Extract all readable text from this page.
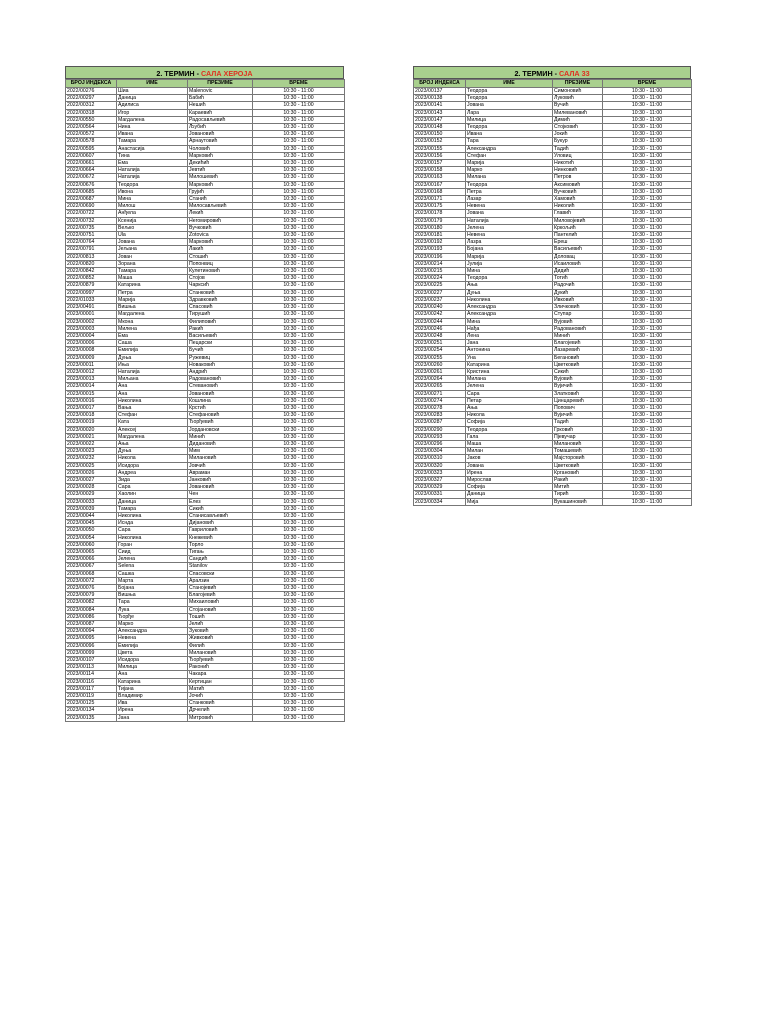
2. ТЕРМИН - САЛА ХЕРОЈА
БРОЈ ИНДЕКСА	ИМЕ	ПРЕЗИМЕ	ВРЕМЕ
2022/00276	Шиа	Malenovic	10:30 - 11:00
2022/00297	Даница	Бабић	10:30 - 11:00
2022/00312	Адилиса	Нешић	10:30 - 11:00
2022/00318	Игор	Караевић	10:30 - 11:00
2022/00550	Магдалена	Радосављевић	10:30 - 11:00
2022/00564	Нина	Љубић	10:30 - 11:00
2022/00572	Ивана	Јовановић	10:30 - 11:00
2022/00578	Тамара	Арнаутовић	10:30 - 11:00
2022/00595	Анастасија	Чоловић	10:30 - 11:00
2022/00607	Тина	Марковић	10:30 - 11:00
2022/00661	Ема	Декићић	10:30 - 11:00
2022/00664	Наталија	Јевтић	10:30 - 11:00
2022/00672	Наталија	Милошевић	10:30 - 11:00
2022/00676	Теодора	Марковић	10:30 - 11:00
2022/00685	Ивона	Грујић	10:30 - 11:00
2022/00687	Мина	Станић	10:30 - 11:00
2022/00690	Милош	Милосављевић	10:30 - 11:00
2022/00722	Анђела	Лекић	10:30 - 11:00
2022/00732	Ксенија	Негомировић	10:30 - 11:00
2022/00735	Вељко	Вучковић	10:30 - 11:00
2022/00751	Ula	Zotovica	10:30 - 11:00
2022/00764	Јована	Марковић	10:30 - 11:00
2022/00791	Јељана	Лакић	10:30 - 11:00
2022/00813	Јован	Стошић	10:30 - 11:00
2022/00820	Зорана	Попонвиц	10:30 - 11:00
2022/00842	Тамара	Кулетиновић	10:30 - 11:00
2022/00852	Маша	Стојов	10:30 - 11:00
2022/00879	Катарина	Чарксић	10:30 - 11:00
2022/00997	Петра	Станковић	10:30 - 11:00
2022/01033	Марија	Здравковић	10:30 - 11:00
2023/00491	Вишња	Спасовић	10:30 - 11:00
2023/00001	Магдалена	Тирушић	10:30 - 11:00
2023/00002	Мкона	Филиповић	10:30 - 11:00
2023/00003	Милена	Ракић	10:30 - 11:00
2023/00004	Ема	Васиљевић	10:30 - 11:00
2023/00006	Саша	Пецарски	10:30 - 11:00
2023/00008	Емилија	Бучић	10:30 - 11:00
2023/00009	Дуња	Ружевиц	10:30 - 11:00
2023/00011	Иња	Новаковић	10:30 - 11:00
2023/00012	Наталија	Андрић	10:30 - 11:00
2023/00013	Миљана	Радовановић	10:30 - 11:00
2023/00014	Ана	Стевановић	10:30 - 11:00
2023/00015	Ана	Јовановић	10:30 - 11:00
2023/00016	Николина	Кошлина	10:30 - 11:00
2023/00017	Вања	Крстић	10:30 - 11:00
2023/00018	Стефан	Стефановић	10:30 - 11:00
2023/00019	Ката	Ђорђевић	10:30 - 11:00
2023/00020	Алексеј	Јордановски	10:30 - 11:00
2023/00021	Магдалена	Минић	10:30 - 11:00
2023/00022	Ања	Дидановић	10:30 - 11:00
2023/00023	Дуња	Мим	10:30 - 11:00
2023/00232	Никола	Милановић	10:30 - 11:00
2023/00025	Исидора	Јовчић	10:30 - 11:00
2023/00026	Андреа	Авраман	10:30 - 11:00
2023/00027	Зида	Јанковић	10:30 - 11:00
2023/00028	Сара	Јовановић	10:30 - 11:00
2023/00029	Хаолин	Чен	10:30 - 11:00
2023/00033	Даница	Елез	10:30 - 11:00
2023/00039	Тамара	Сикић	10:30 - 11:00
2023/00044	Николина	Станисављевић	10:30 - 11:00
2023/00045	Иснда	Дијановић	10:30 - 11:00
2023/00050	Сара	Гавриловић	10:30 - 11:00
2023/00054	Николина	Кнежевић	10:30 - 11:00
2023/00060	Горан	Торло	10:30 - 11:00
2023/00065	Сиид	Тигањ	10:30 - 11:00
2023/00066	Јелена	Сандић	10:30 - 11:00
2023/00067	Selena	Stanilov	10:30 - 11:00
2023/00068	Сашка	Спасовски	10:30 - 11:00
2023/00072	Марта	Аралзин	10:30 - 11:00
2023/00076	Бојана	Станојевић	10:30 - 11:00
2023/00079	Вишња	Благојевић	10:30 - 11:00
2023/00082	Тара	Михаиловић	10:30 - 11:00
2023/00084	Лука	Стојановић	10:30 - 11:00
2023/00086	Ђорђе	Тошић	10:30 - 11:00
2023/00087	Марко	Јелић	10:30 - 11:00
2023/00094	Александра	Зуковић	10:30 - 11:00
2023/00095	Невена	Живковић	10:30 - 11:00
2023/00096	Емилија	Филић	10:30 - 11:00
2023/00099	Цвета	Милановић	10:30 - 11:00
2023/00107	Исидора	Ђорђевић	10:30 - 11:00
2023/00113	Милица	Раконић	10:30 - 11:00
2023/00114	Ана	Чакара	10:30 - 11:00
2023/00116	Катарина	Кертицан	10:30 - 11:00
2023/00117	Тијана	Матић	10:30 - 11:00
2023/00119	Владимир	Јочић	10:30 - 11:00
2023/00125	Ива	Станковић	10:30 - 11:00
2023/00134	Ирена	Дрчелић	10:30 - 11:00
2023/00135	Јана	Митровић	10:30 - 11:00
2. ТЕРМИН - САЛА 33
БРОЈ ИНДЕКСА	ИМЕ	ПРЕЗИМЕ	ВРЕМЕ
2023/00137	Теодора	Симоновић	10:30 - 11:00
2023/00138	Теодора	Луковић	10:30 - 11:00
2023/00141	Јована	Вучић	10:30 - 11:00
2023/00143	Лара	Милевановић	10:30 - 11:00
2023/00147	Милица	Димић	10:30 - 11:00
2023/00148	Теодора	Стојковић	10:30 - 11:00
2023/00150	Ивана	Јокић	10:30 - 11:00
2023/00152	Тара	Букур	10:30 - 11:00
2023/00155	Александра	Тадић	10:30 - 11:00
2023/00156	Стефан	Уловиц	10:30 - 11:00
2023/00157	Марија	Никотић	10:30 - 11:00
2023/00158	Марко	Нинковић	10:30 - 11:00
2023/00163	Милана	Петров	10:30 - 11:00
2023/00167	Теодора	Аксимовић	10:30 - 11:00
2023/00168	Петра	Вучковић	10:30 - 11:00
2023/00171	Лазар	Хамовић	10:30 - 11:00
2023/00175	Невена	Николић	10:30 - 11:00
2023/00178	Јована	Главић	10:30 - 11:00
2023/00179	Наталија	Миловојевић	10:30 - 11:00
2023/00180	Јелена	Кркољић	10:30 - 11:00
2023/00181	Невена	Пантелић	10:30 - 11:00
2023/00192	Лазра	Ереш	10:30 - 11:00
2023/00193	Бојана	Васиљевић	10:30 - 11:00
2023/00196	Марија	Доловац	10:30 - 11:00
2023/00214	Јулија	Исаиловић	10:30 - 11:00
2023/00215	Мина	Дидић	10:30 - 11:00
2023/00224	Теодора	Тотић	10:30 - 11:00
2023/00225	Ања	Радочић	10:30 - 11:00
2023/00227	Дуња	Дукић	10:30 - 11:00
2023/00237	Николина	Ивковић	10:30 - 11:00
2023/00240	Александра	Зличковић	10:30 - 11:00
2023/00242	Александра	Ступар	10:30 - 11:00
2023/00244	Мина	Вујовић	10:30 - 11:00
2023/00246	Нађа	Радовановић	10:30 - 11:00
2023/00248	Лена	Минић	10:30 - 11:00
2023/00251	Јана	Благојевић	10:30 - 11:00
2023/00254	Антонина	Лазаревић	10:30 - 11:00
2023/00255	Уна	Бегановић	10:30 - 11:00
2023/00260	Катарина	Цветковић	10:30 - 11:00
2023/00261	Кристина	Сикић	10:30 - 11:00
2023/00264	Милана	Вујовић	10:30 - 11:00
2023/00265	Јелена	Вујичић	10:30 - 11:00
2023/00271	Сара	Златковић	10:30 - 11:00
2023/00274	Петар	Цинцаревић	10:30 - 11:00
2023/00278	Ања	Попович	10:30 - 11:00
2023/00283	Никола	Вујичић	10:30 - 11:00
2023/00287	Софија	Тадић	10:30 - 11:00
2023/00290	Теодора	Грковић	10:30 - 11:00
2023/00293	Гала	Пјевучар	10:30 - 11:00
2023/00296	Маша	Милановић	10:30 - 11:00
2023/00304	Милан	Томашевић	10:30 - 11:00
2023/00310	Јаков	Мајсторовић	10:30 - 11:00
2023/00320	Јована	Цветковић	10:30 - 11:00
2023/00323	Ирена	Кргановић	10:30 - 11:00
2023/00327	Мирослав	Ракић	10:30 - 11:00
2023/00329	Софија	Митић	10:30 - 11:00
2023/00331	Даница	Тирић	10:30 - 11:00
2023/00334	Мија	Вукашиновић	10:30 - 11:00
